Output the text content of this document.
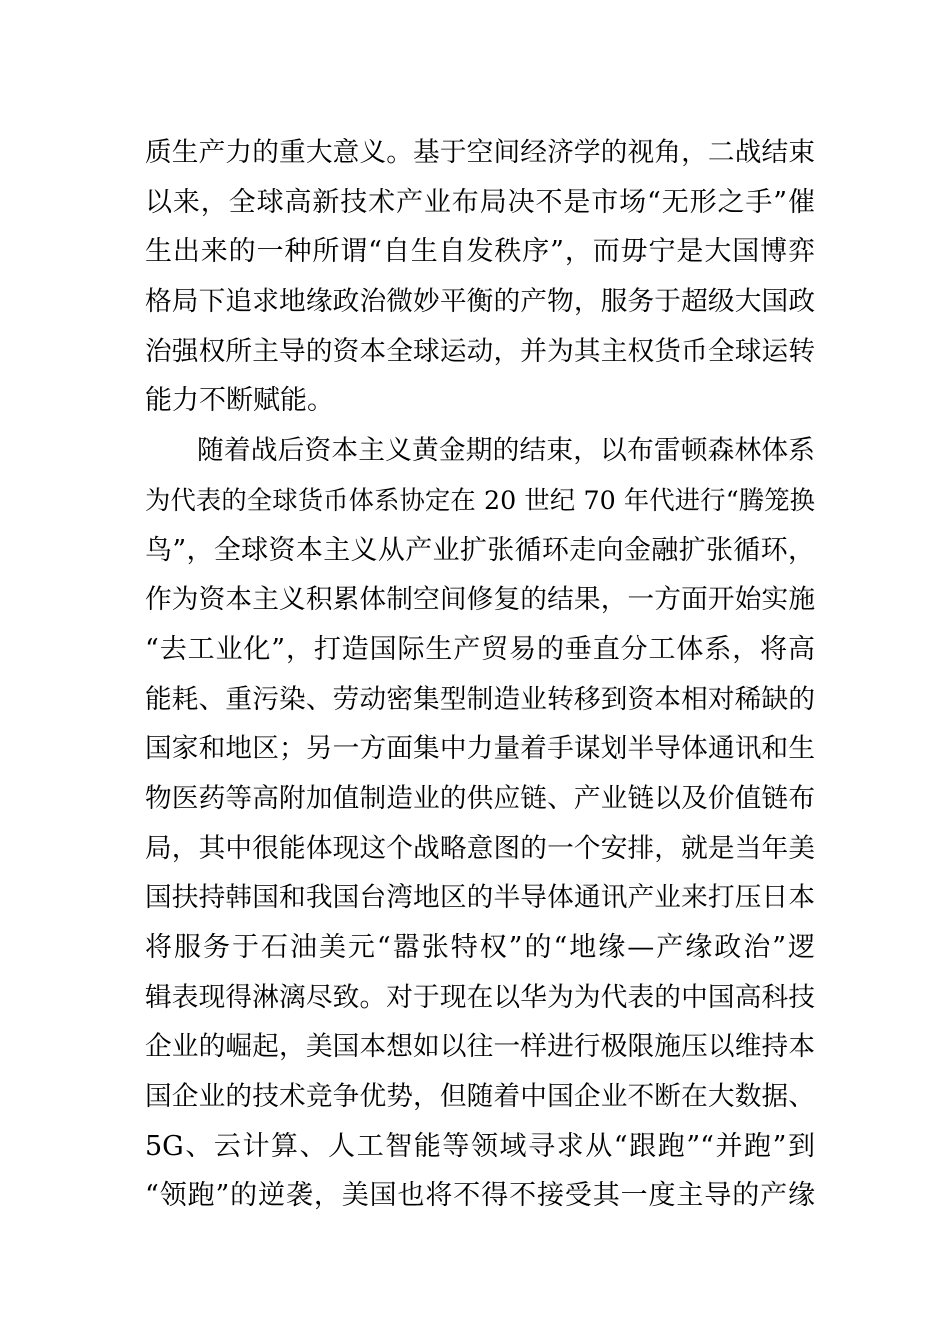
质生产力的重大意义。基于空间经济学的视角，二战结束
以来，全球高新技术产业布局决不是市场“无形之手”催
生出来的一种所谓“自生自发秩序”，而毋宁是大国博弈
格局下追求地缘政治微妙平衡的产物，服务于超级大国政
治强权所主导的资本全球运动，并为其主权货币全球运转
能力不断赋能。
随着战后资本主义黄金期的结束，以布雷顿森林体系
为代表的全球货币体系协定在 20 世纪 70 年代进行“腾笼换
鸟”，全球资本主义从产业扩张循环走向金融扩张循环，
作为资本主义积累体制空间修复的结果，一方面开始实施
“去工业化”，打造国际生产贸易的垂直分工体系，将高
能耗、重污染、劳动密集型制造业转移到资本相对稀缺的
国家和地区；另一方面集中力量着手谋划半导体通讯和生
物医药等高附加值制造业的供应链、产业链以及价值链布
局，其中很能体现这个战略意图的一个安排，就是当年美
国扶持韩国和我国台湾地区的半导体通讯产业来打压日本
将服务于石油美元“嚣张特权”的“地缘—产缘政治”逻
辑表现得淋漓尽致。对于现在以华为为代表的中国高科技
企业的崛起，美国本想如以往一样进行极限施压以维持本
国企业的技术竞争优势，但随着中国企业不断在大数据、
5G、云计算、人工智能等领域寻求从“跟跑”“并跑”到
“领跑”的逆袭，美国也将不得不接受其一度主导的产缘
